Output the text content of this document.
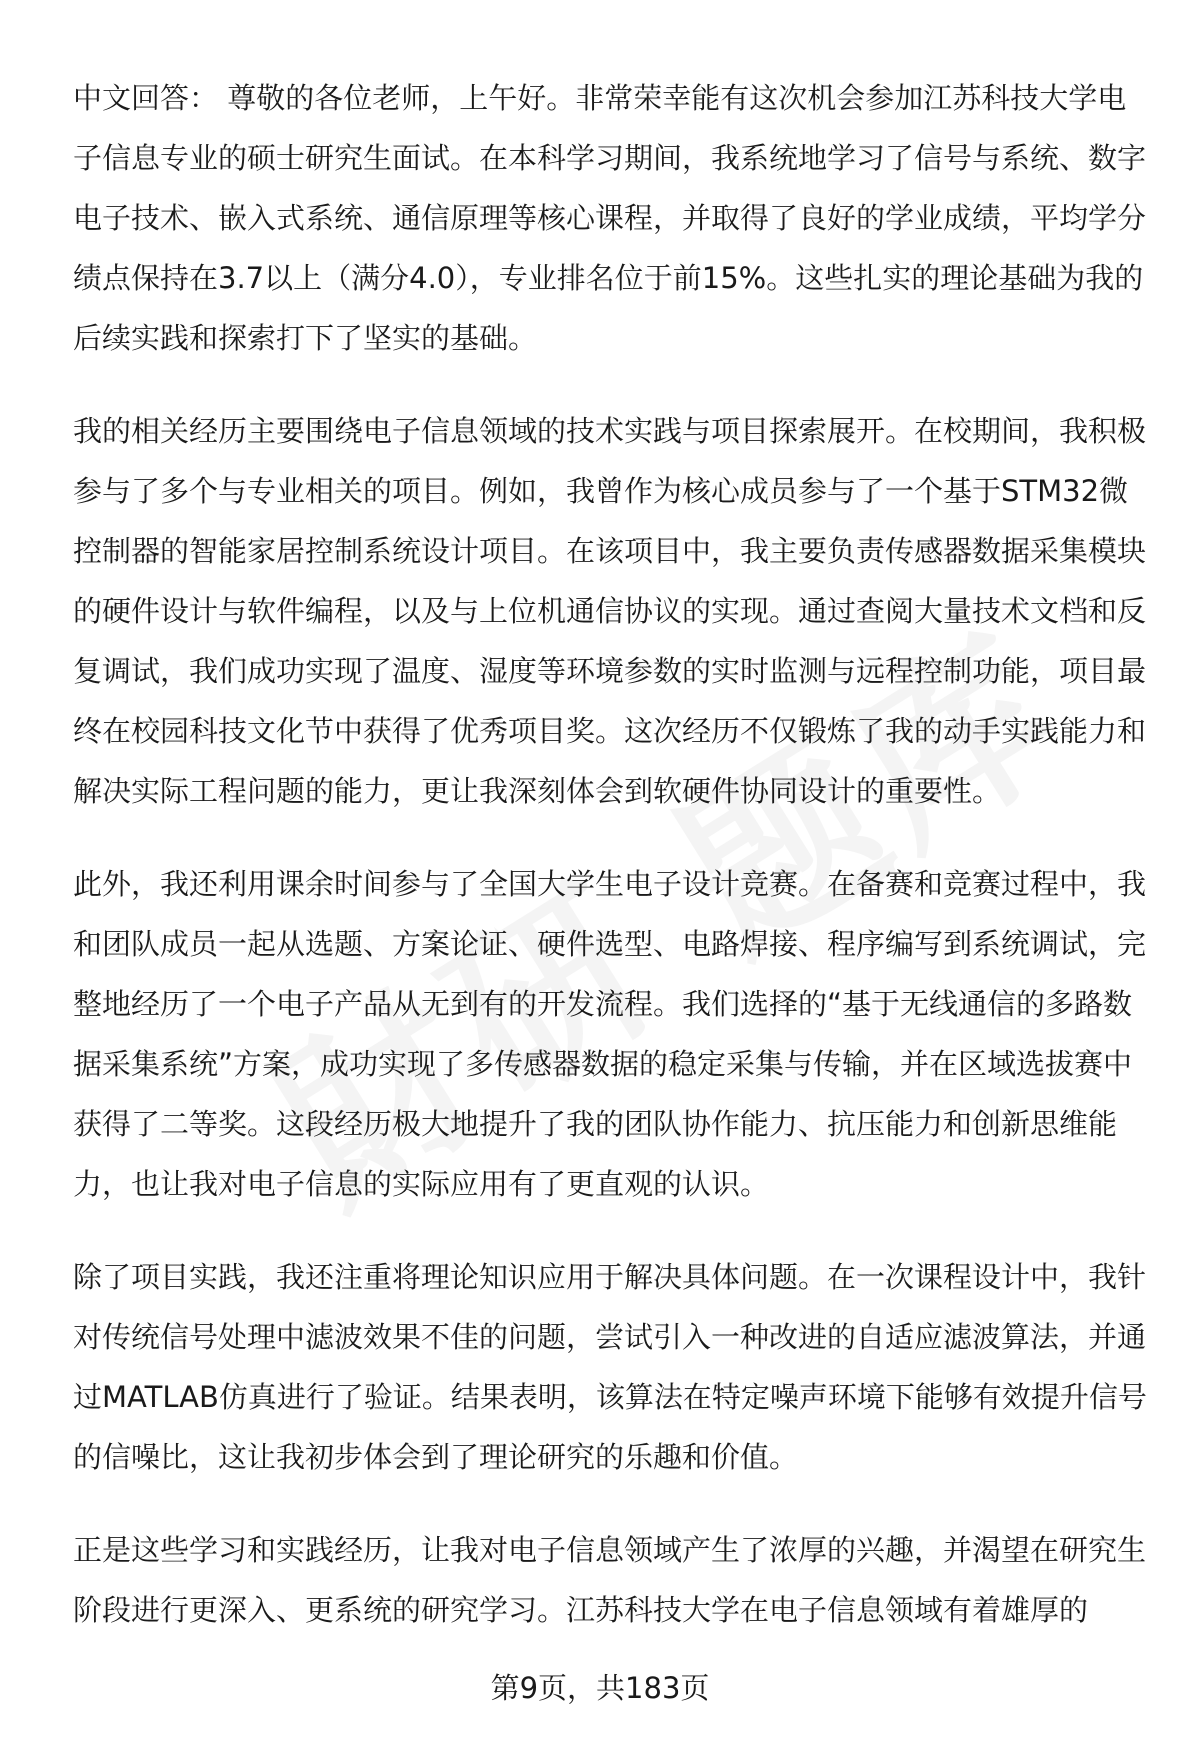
中文回答： 尊敬的各位老师，上午好。非常荣幸能有这次机会参加江苏科技大学电子信息专业的硕士研究生面试。在本科学习期间，我系统地学习了信号与系统、数字电子技术、嵌入式系统、通信原理等核心课程，并取得了良好的学业成绩，平均学分绩点保持在3.7以上（满分4.0），专业排名位于前15%。这些扎实的理论基础为我的后续实践和探索打下了坚实的基础。

我的相关经历主要围绕电子信息领域的技术实践与项目探索展开。在校期间，我积极参与了多个与专业相关的项目。例如，我曾作为核心成员参与了一个基于STM32微控制器的智能家居控制系统设计项目。在该项目中，我主要负责传感器数据采集模块的硬件设计与软件编程，以及与上位机通信协议的实现。通过查阅大量技术文档和反复调试，我们成功实现了温度、湿度等环境参数的实时监测与远程控制功能，项目最终在校园科技文化节中获得了优秀项目奖。这次经历不仅锻炼了我的动手实践能力和解决实际工程问题的能力，更让我深刻体会到软硬件协同设计的重要性。

此外，我还利用课余时间参与了全国大学生电子设计竞赛。在备赛和竞赛过程中，我和团队成员一起从选题、方案论证、硬件选型、电路焊接、程序编写到系统调试，完整地经历了一个电子产品从无到有的开发流程。我们选择的“基于无线通信的多路数据采集系统”方案，成功实现了多传感器数据的稳定采集与传输，并在区域选拔赛中获得了二等奖。这段经历极大地提升了我的团队协作能力、抗压能力和创新思维能力，也让我对电子信息的实际应用有了更直观的认识。

除了项目实践，我还注重将理论知识应用于解决具体问题。在一次课程设计中，我针对传统信号处理中滤波效果不佳的问题，尝试引入一种改进的自适应滤波算法，并通过MATLAB仿真进行了验证。结果表明，该算法在特定噪声环境下能够有效提升信号的信噪比，这让我初步体会到了理论研究的乐趣和价值。

正是这些学习和实践经历，让我对电子信息领域产生了浓厚的兴趣，并渴望在研究生阶段进行更深入、更系统的研究学习。江苏科技大学在电子信息领域有着雄厚的

第9页，共183页
